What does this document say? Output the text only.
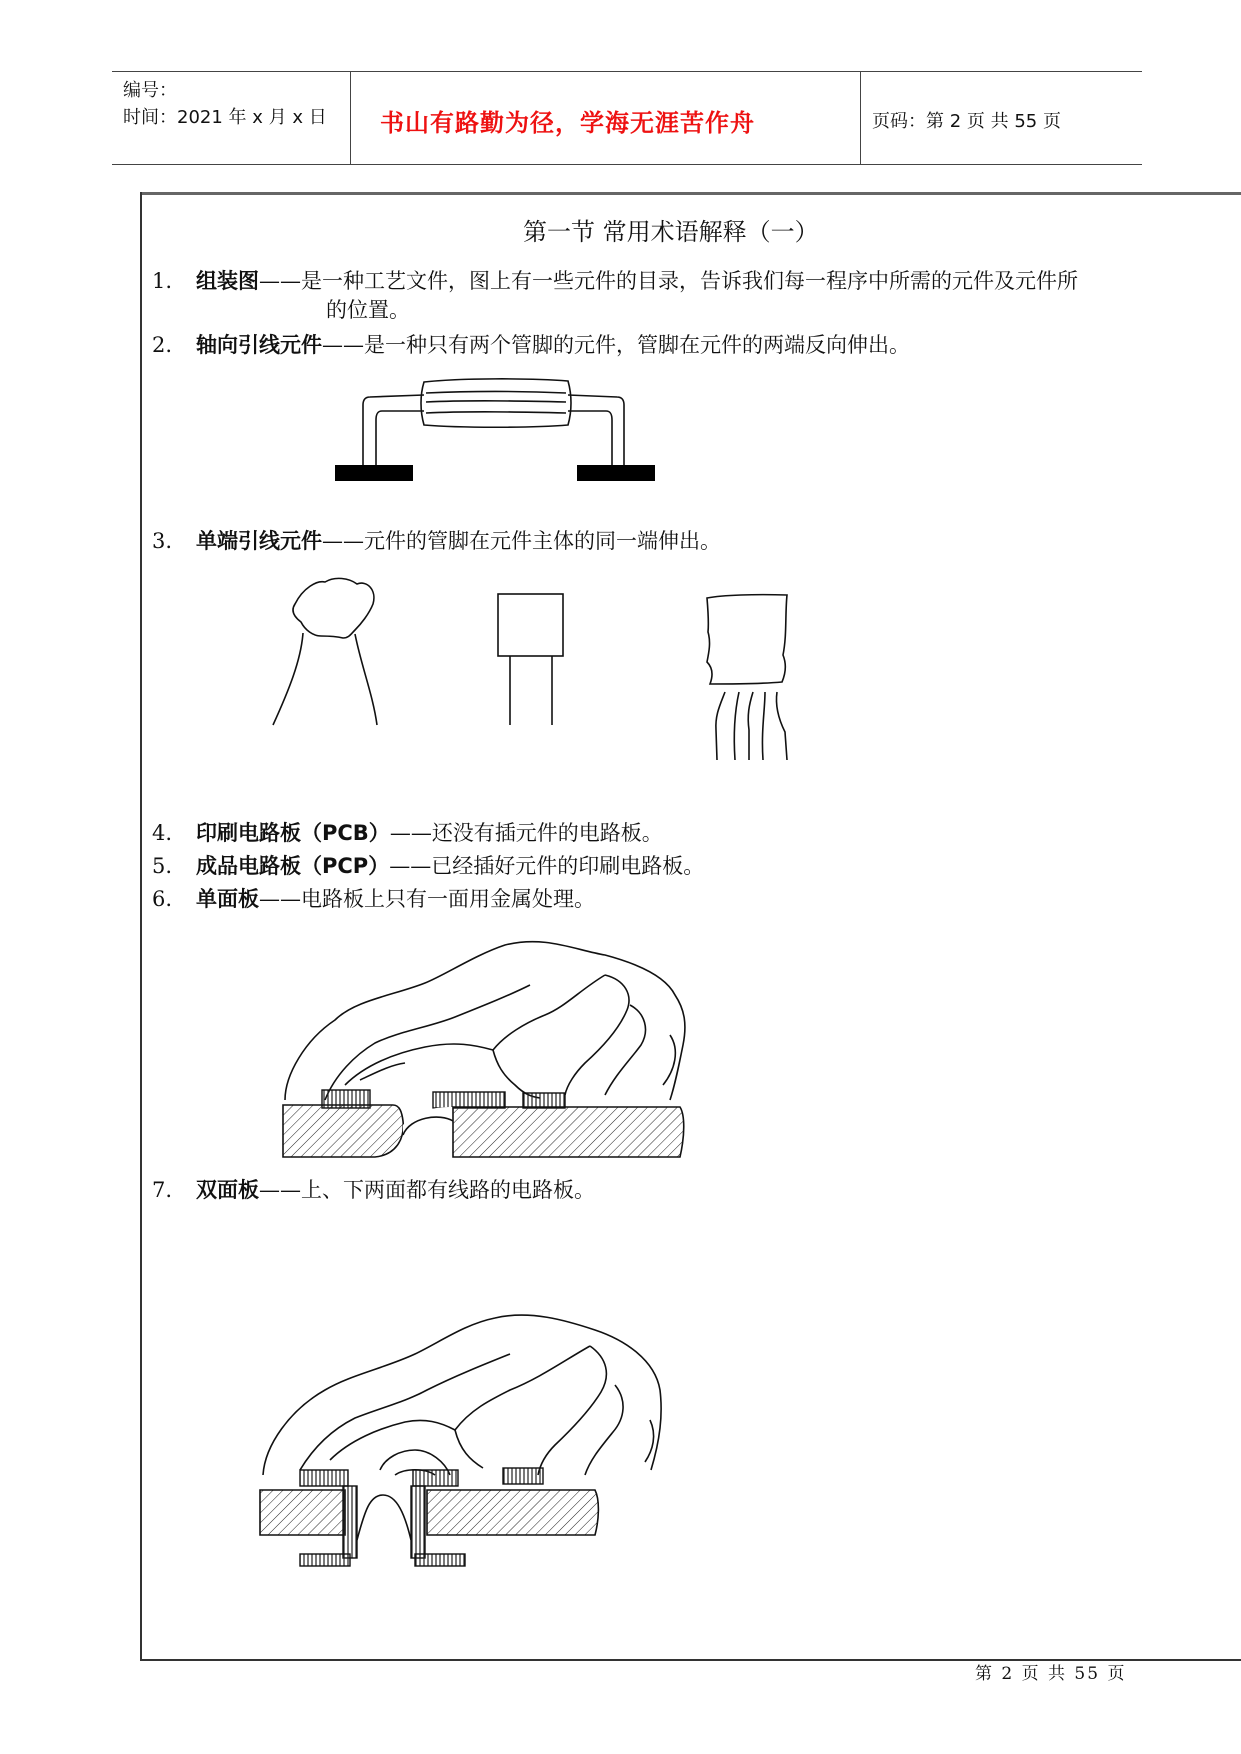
编号：
时间：2021 年 x 月 x 日 书山有路勤为径，学海无涯苦作舟	页码：第 2 页 共 55 页
第一节 常用术语解释（一）
1. 组装图——是一种工艺文件，图上有一些元件的目录，告诉我们每一程序中所需的元件及元件所
的位置。
2. 轴向引线元件——是一种只有两个管脚的元件，管脚在元件的两端反向伸出。
3. 单端引线元件——元件的管脚在元件主体的同一端伸出。
4. 印刷电路板（PCB）——还没有插元件的电路板。
5. 成品电路板（PCP）——已经插好元件的印刷电路板。
6. 单面板——电路板上只有一面用金属处理。
7. 双面板——上、下两面都有线路的电路板。
第 2 页 共 55 页
